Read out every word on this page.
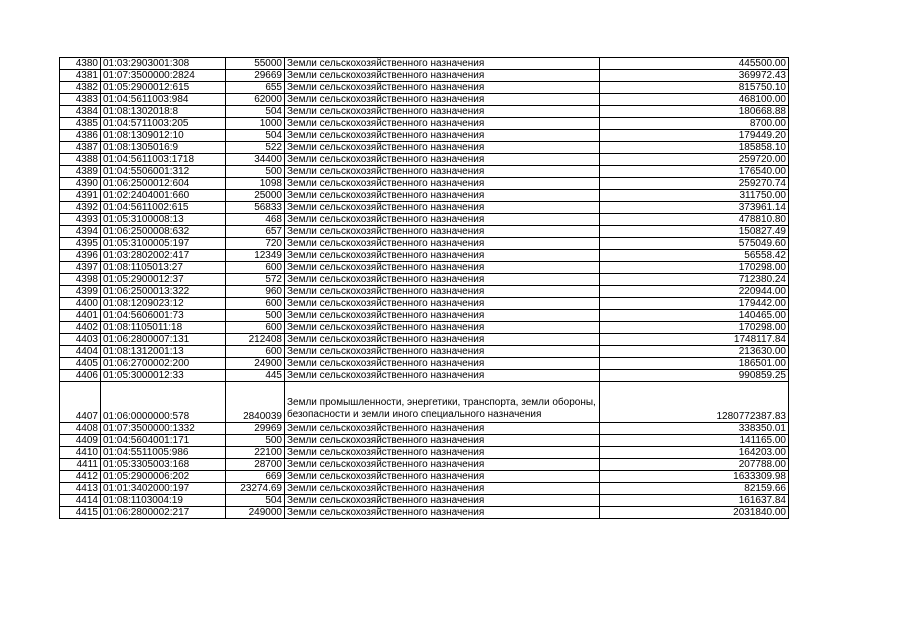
4380	01:03:2903001:308	55000	Земли сельскохозяйственного назначения	445500.00
4381	01:07:3500000:2824	29669	Земли сельскохозяйственного назначения	369972.43
4382	01:05:2900012:615	655	Земли сельскохозяйственного назначения	815750.10
4383	01:04:5611003:984	62000	Земли сельскохозяйственного назначения	468100.00
4384	01:08:1302018:8	504	Земли сельскохозяйственного назначения	180668.88
4385	01:04:5711003:205	1000	Земли сельскохозяйственного назначения	8700.00
4386	01:08:1309012:10	504	Земли сельскохозяйственного назначения	179449.20
4387	01:08:1305016:9	522	Земли сельскохозяйственного назначения	185858.10
4388	01:04:5611003:1718	34400	Земли сельскохозяйственного назначения	259720.00
4389	01:04:5506001:312	500	Земли сельскохозяйственного назначения	176540.00
4390	01:06:2500012:604	1098	Земли сельскохозяйственного назначения	259270.74
4391	01:02:2404001:660	25000	Земли сельскохозяйственного назначения	311750.00
4392	01:04:5611002:615	56833	Земли сельскохозяйственного назначения	373961.14
4393	01:05:3100008:13	468	Земли сельскохозяйственного назначения	478810.80
4394	01:06:2500008:632	657	Земли сельскохозяйственного назначения	150827.49
4395	01:05:3100005:197	720	Земли сельскохозяйственного назначения	575049.60
4396	01:03:2802002:417	12349	Земли сельскохозяйственного назначения	56558.42
4397	01:08:1105013:27	600	Земли сельскохозяйственного назначения	170298.00
4398	01:05:2900012:37	572	Земли сельскохозяйственного назначения	712380.24
4399	01:06:2500013:322	960	Земли сельскохозяйственного назначения	220944.00
4400	01:08:1209023:12	600	Земли сельскохозяйственного назначения	179442.00
4401	01:04:5606001:73	500	Земли сельскохозяйственного назначения	140465.00
4402	01:08:1105011:18	600	Земли сельскохозяйственного назначения	170298.00
4403	01:06:2800007:131	212408	Земли сельскохозяйственного назначения	1748117.84
4404	01:08:1312001:13	600	Земли сельскохозяйственного назначения	213630.00
4405	01:06:2700002:200	24900	Земли сельскохозяйственного назначения	186501.00
4406	01:05:3000012:33	445	Земли сельскохозяйственного назначения	990859.25
4407	01:06:0000000:578	2840039	Земли промышленности, энергетики, транспорта, земли обороны, безопасности и земли иного специального назначения	1280772387.83
4408	01:07:3500000:1332	29969	Земли сельскохозяйственного назначения	338350.01
4409	01:04:5604001:171	500	Земли сельскохозяйственного назначения	141165.00
4410	01:04:5511005:986	22100	Земли сельскохозяйственного назначения	164203.00
4411	01:05:3305003:168	28700	Земли сельскохозяйственного назначения	207788.00
4412	01:05:2900006:202	669	Земли сельскохозяйственного назначения	1633309.98
4413	01:01:3402000:197	23274.69	Земли сельскохозяйственного назначения	82159.66
4414	01:08:1103004:19	504	Земли сельскохозяйственного назначения	161637.84
4415	01:06:2800002:217	249000	Земли сельскохозяйственного назначения	2031840.00
